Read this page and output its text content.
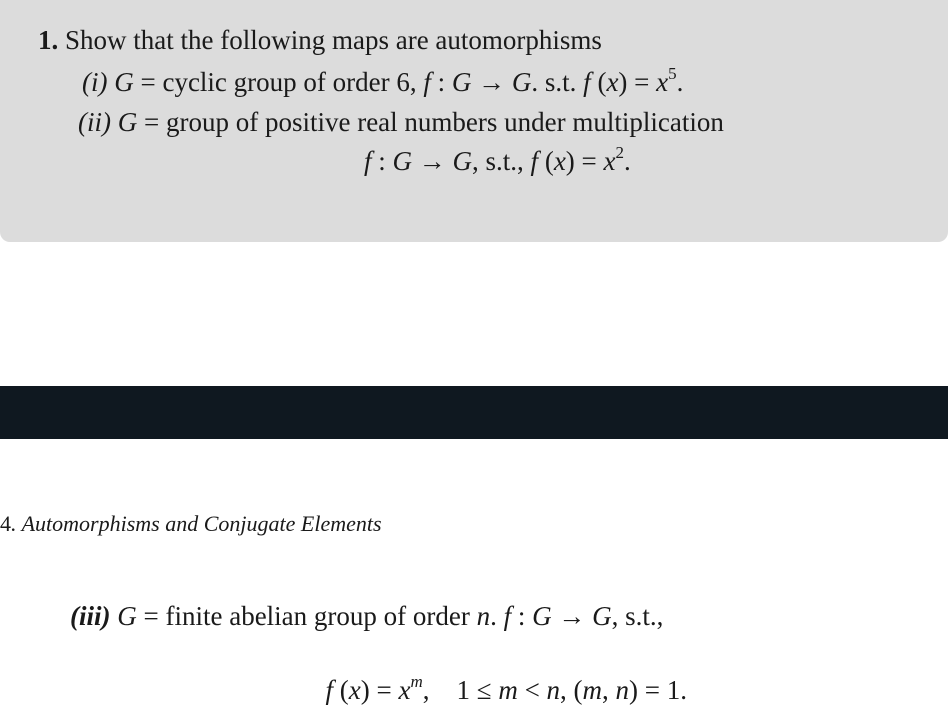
1. Show that the following maps are automorphisms
(i) G = cyclic group of order 6, f : G → G. s.t. f $(x) = x^5$.
(ii) G = group of positive real numbers under multiplication
f : G → G, s.t., f $(x) = x^2$.
4. Automorphisms and Conjugate Elements
(iii) G = finite abelian group of order n. f : G → G, s.t.,

f $(x) = x^m$,    1 ≤ m < n, (m, n) = 1.
